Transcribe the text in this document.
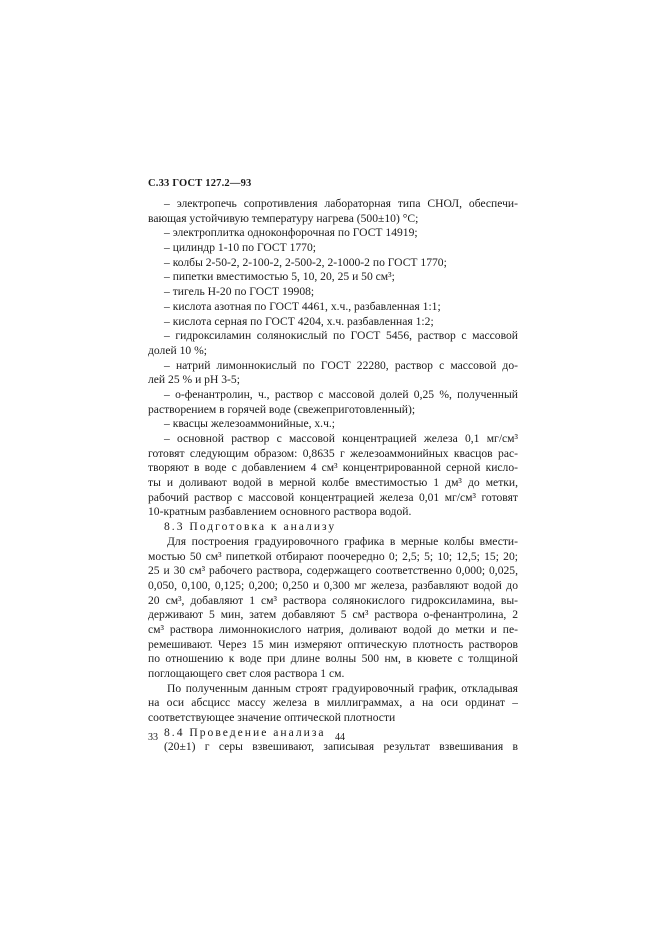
С.33 ГОСТ 127.2—93
– электропечь сопротивления лабораторная типа СНОЛ, обеспечи-
вающая устойчивую температуру нагрева (500±10) °С;
– электроплитка одноконфорочная по ГОСТ 14919;
– цилиндр 1-10 по ГОСТ 1770;
– колбы 2-50-2, 2-100-2, 2-500-2, 2-1000-2 по ГОСТ 1770;
– пипетки вместимостью 5, 10, 20, 25 и 50 см³;
– тигель Н-20 по ГОСТ 19908;
– кислота азотная по ГОСТ 4461, х.ч., разбавленная 1:1;
– кислота серная по ГОСТ 4204, х.ч. разбавленная 1:2;
– гидроксиламин солянокислый по ГОСТ 5456, раствор с массовой
долей 10 %;
– натрий лимоннокислый по ГОСТ 22280, раствор с массовой до-
лей 25 % и рН 3-5;
– о-фенантролин, ч., раствор с массовой долей 0,25 %, полученный
растворением в горячей воде (свежеприготовленный);
– квасцы железоаммонийные, х.ч.;
– основной раствор с массовой концентрацией железа 0,1 мг/см³
готовят следующим образом: 0,8635 г железоаммонийных квасцов рас-
творяют в воде с добавлением 4 см³ концентрированной серной кисло-
ты и доливают водой в мерной колбе вместимостью 1 дм³ до метки,
рабочий раствор с массовой концентрацией железа 0,01 мг/см³ готовят
10-кратным разбавлением основного раствора водой.
8.3 Подготовка к анализу
Для построения градуировочного графика в мерные колбы вмести-
мостью 50 см³ пипеткой отбирают поочередно 0; 2,5; 5; 10; 12,5; 15; 20;
25 и 30 см³ рабочего раствора, содержащего соответственно 0,000; 0,025,
0,050, 0,100, 0,125; 0,200; 0,250 и 0,300 мг железа, разбавляют водой до
20 см³, добавляют 1 см³ раствора солянокислого гидроксиламина, вы-
держивают 5 мин, затем добавляют 5 см³ раствора о-фенантролина, 2
см³ раствора лимоннокислого натрия, доливают водой до метки и пе-
ремешивают. Через 15 мин измеряют оптическую плотность растворов
по отношению к воде при длине волны 500 нм, в кювете с толщиной
поглощающего свет слоя раствора 1 см.
По полученным данным строят градуировочный график, откладывая
на оси абсцисс массу железа в миллиграммах, а на оси ординат –
соответствующее значение оптической плотности
8.4 Проведение анализа
(20±1) г серы взвешивают, записывая результат взвешивания в
33	44
